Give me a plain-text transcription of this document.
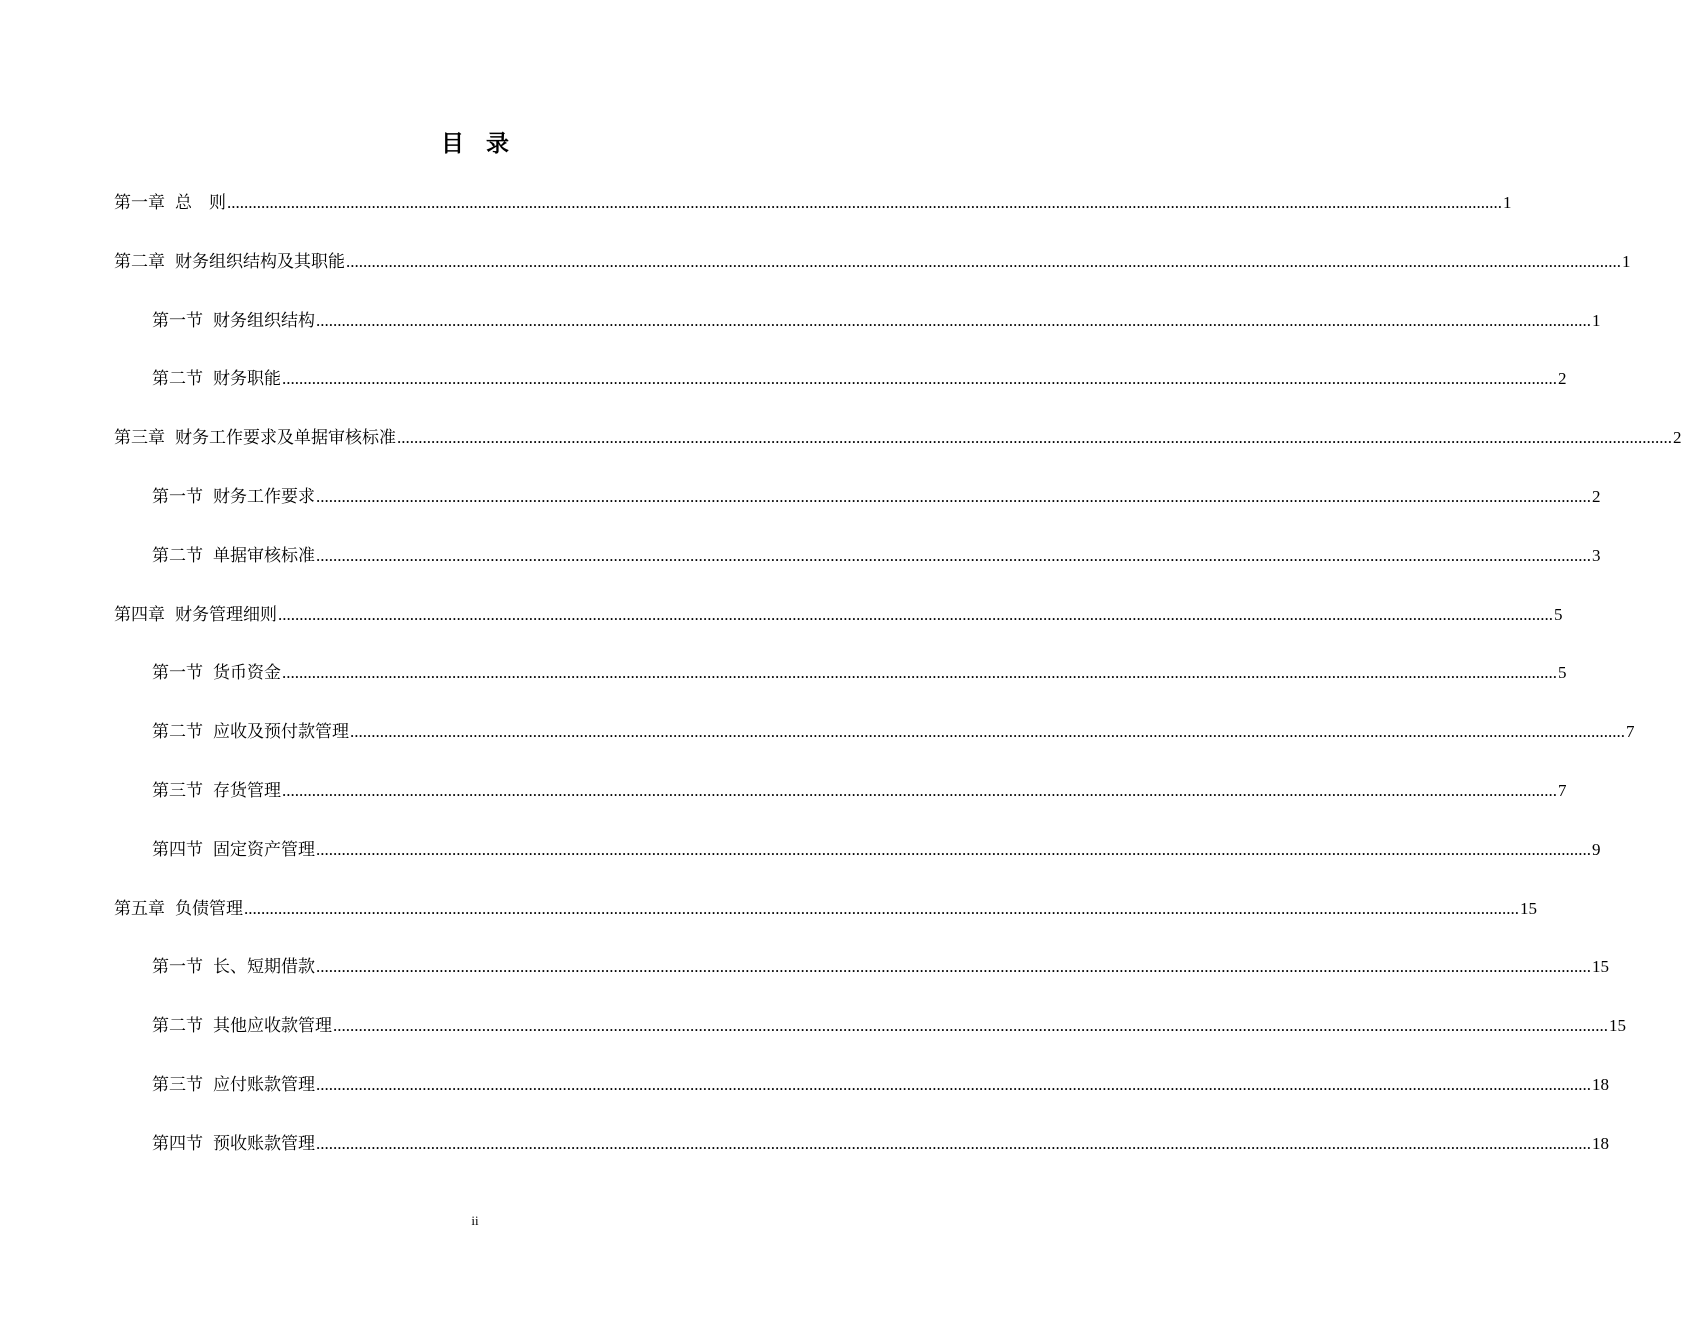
目 录
第一章 总　则 ............................................................................................................................................................................................................................................................................................................ 1
第二章 财务组织结构及其职能 ............................................................................................................................................................................................................................................................................................................ 1
第一节 财务组织结构 ............................................................................................................................................................................................................................................................................................................ 1
第二节 财务职能 ............................................................................................................................................................................................................................................................................................................ 2
第三章 财务工作要求及单据审核标准 ............................................................................................................................................................................................................................................................................................................ 2
第一节 财务工作要求 ............................................................................................................................................................................................................................................................................................................ 2
第二节 单据审核标准 ............................................................................................................................................................................................................................................................................................................ 3
第四章 财务管理细则 ............................................................................................................................................................................................................................................................................................................ 5
第一节 货币资金 ............................................................................................................................................................................................................................................................................................................ 5
第二节 应收及预付款管理 ............................................................................................................................................................................................................................................................................................................ 7
第三节 存货管理 ............................................................................................................................................................................................................................................................................................................ 7
第四节 固定资产管理 ............................................................................................................................................................................................................................................................................................................ 9
第五章 负债管理 ............................................................................................................................................................................................................................................................................................................ 15
第一节 长、短期借款 ............................................................................................................................................................................................................................................................................................................ 15
第二节 其他应收款管理 ............................................................................................................................................................................................................................................................................................................ 15
第三节 应付账款管理 ............................................................................................................................................................................................................................................................................................................ 18
第四节 预收账款管理 ............................................................................................................................................................................................................................................................................................................ 18
ii
